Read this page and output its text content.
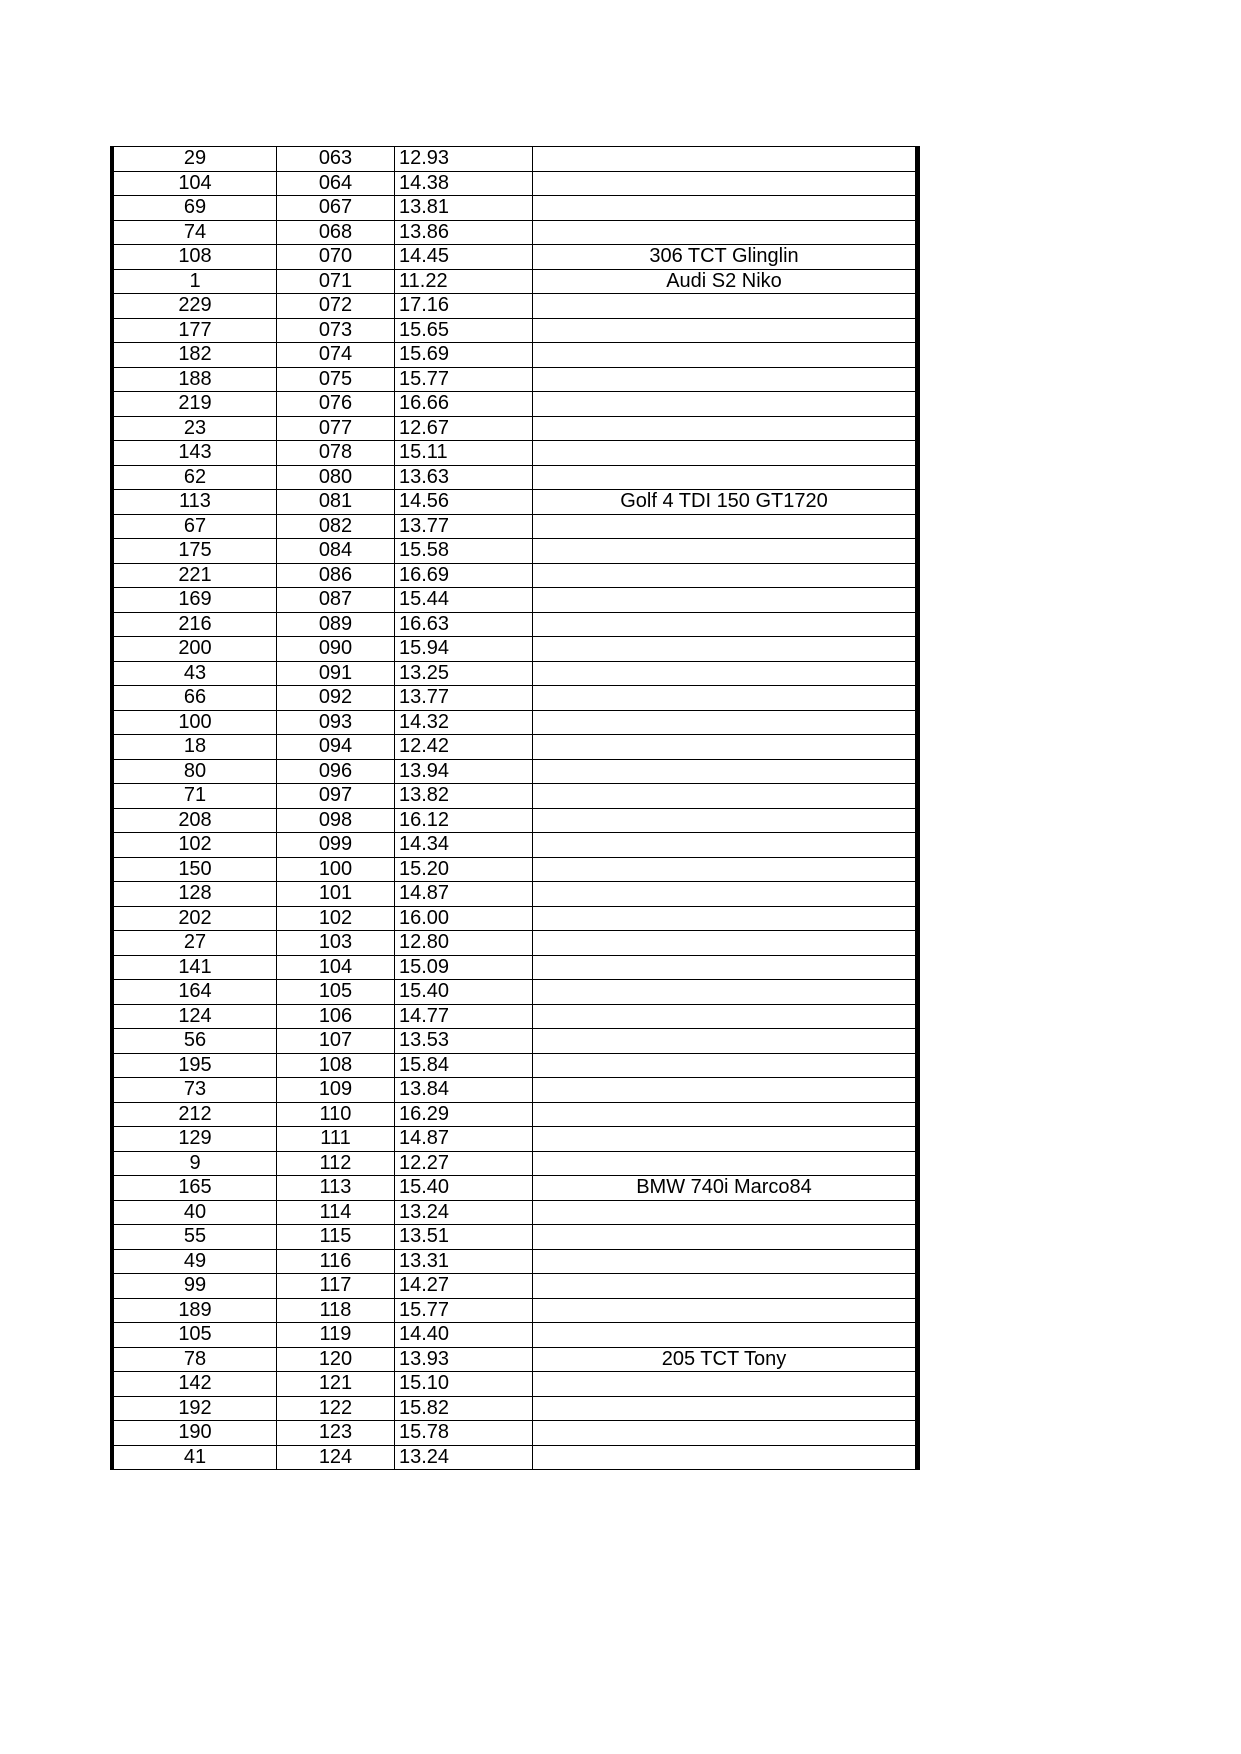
29	063	12.93	
104	064	14.38	
69	067	13.81	
74	068	13.86	
108	070	14.45	306 TCT Glinglin
1	071	11.22	Audi S2 Niko
229	072	17.16	
177	073	15.65	
182	074	15.69	
188	075	15.77	
219	076	16.66	
23	077	12.67	
143	078	15.11	
62	080	13.63	
113	081	14.56	Golf 4 TDI 150 GT1720
67	082	13.77	
175	084	15.58	
221	086	16.69	
169	087	15.44	
216	089	16.63	
200	090	15.94	
43	091	13.25	
66	092	13.77	
100	093	14.32	
18	094	12.42	
80	096	13.94	
71	097	13.82	
208	098	16.12	
102	099	14.34	
150	100	15.20	
128	101	14.87	
202	102	16.00	
27	103	12.80	
141	104	15.09	
164	105	15.40	
124	106	14.77	
56	107	13.53	
195	108	15.84	
73	109	13.84	
212	110	16.29	
129	111	14.87	
9	112	12.27	
165	113	15.40	BMW 740i Marco84
40	114	13.24	
55	115	13.51	
49	116	13.31	
99	117	14.27	
189	118	15.77	
105	119	14.40	
78	120	13.93	205 TCT Tony
142	121	15.10	
192	122	15.82	
190	123	15.78	
41	124	13.24	
